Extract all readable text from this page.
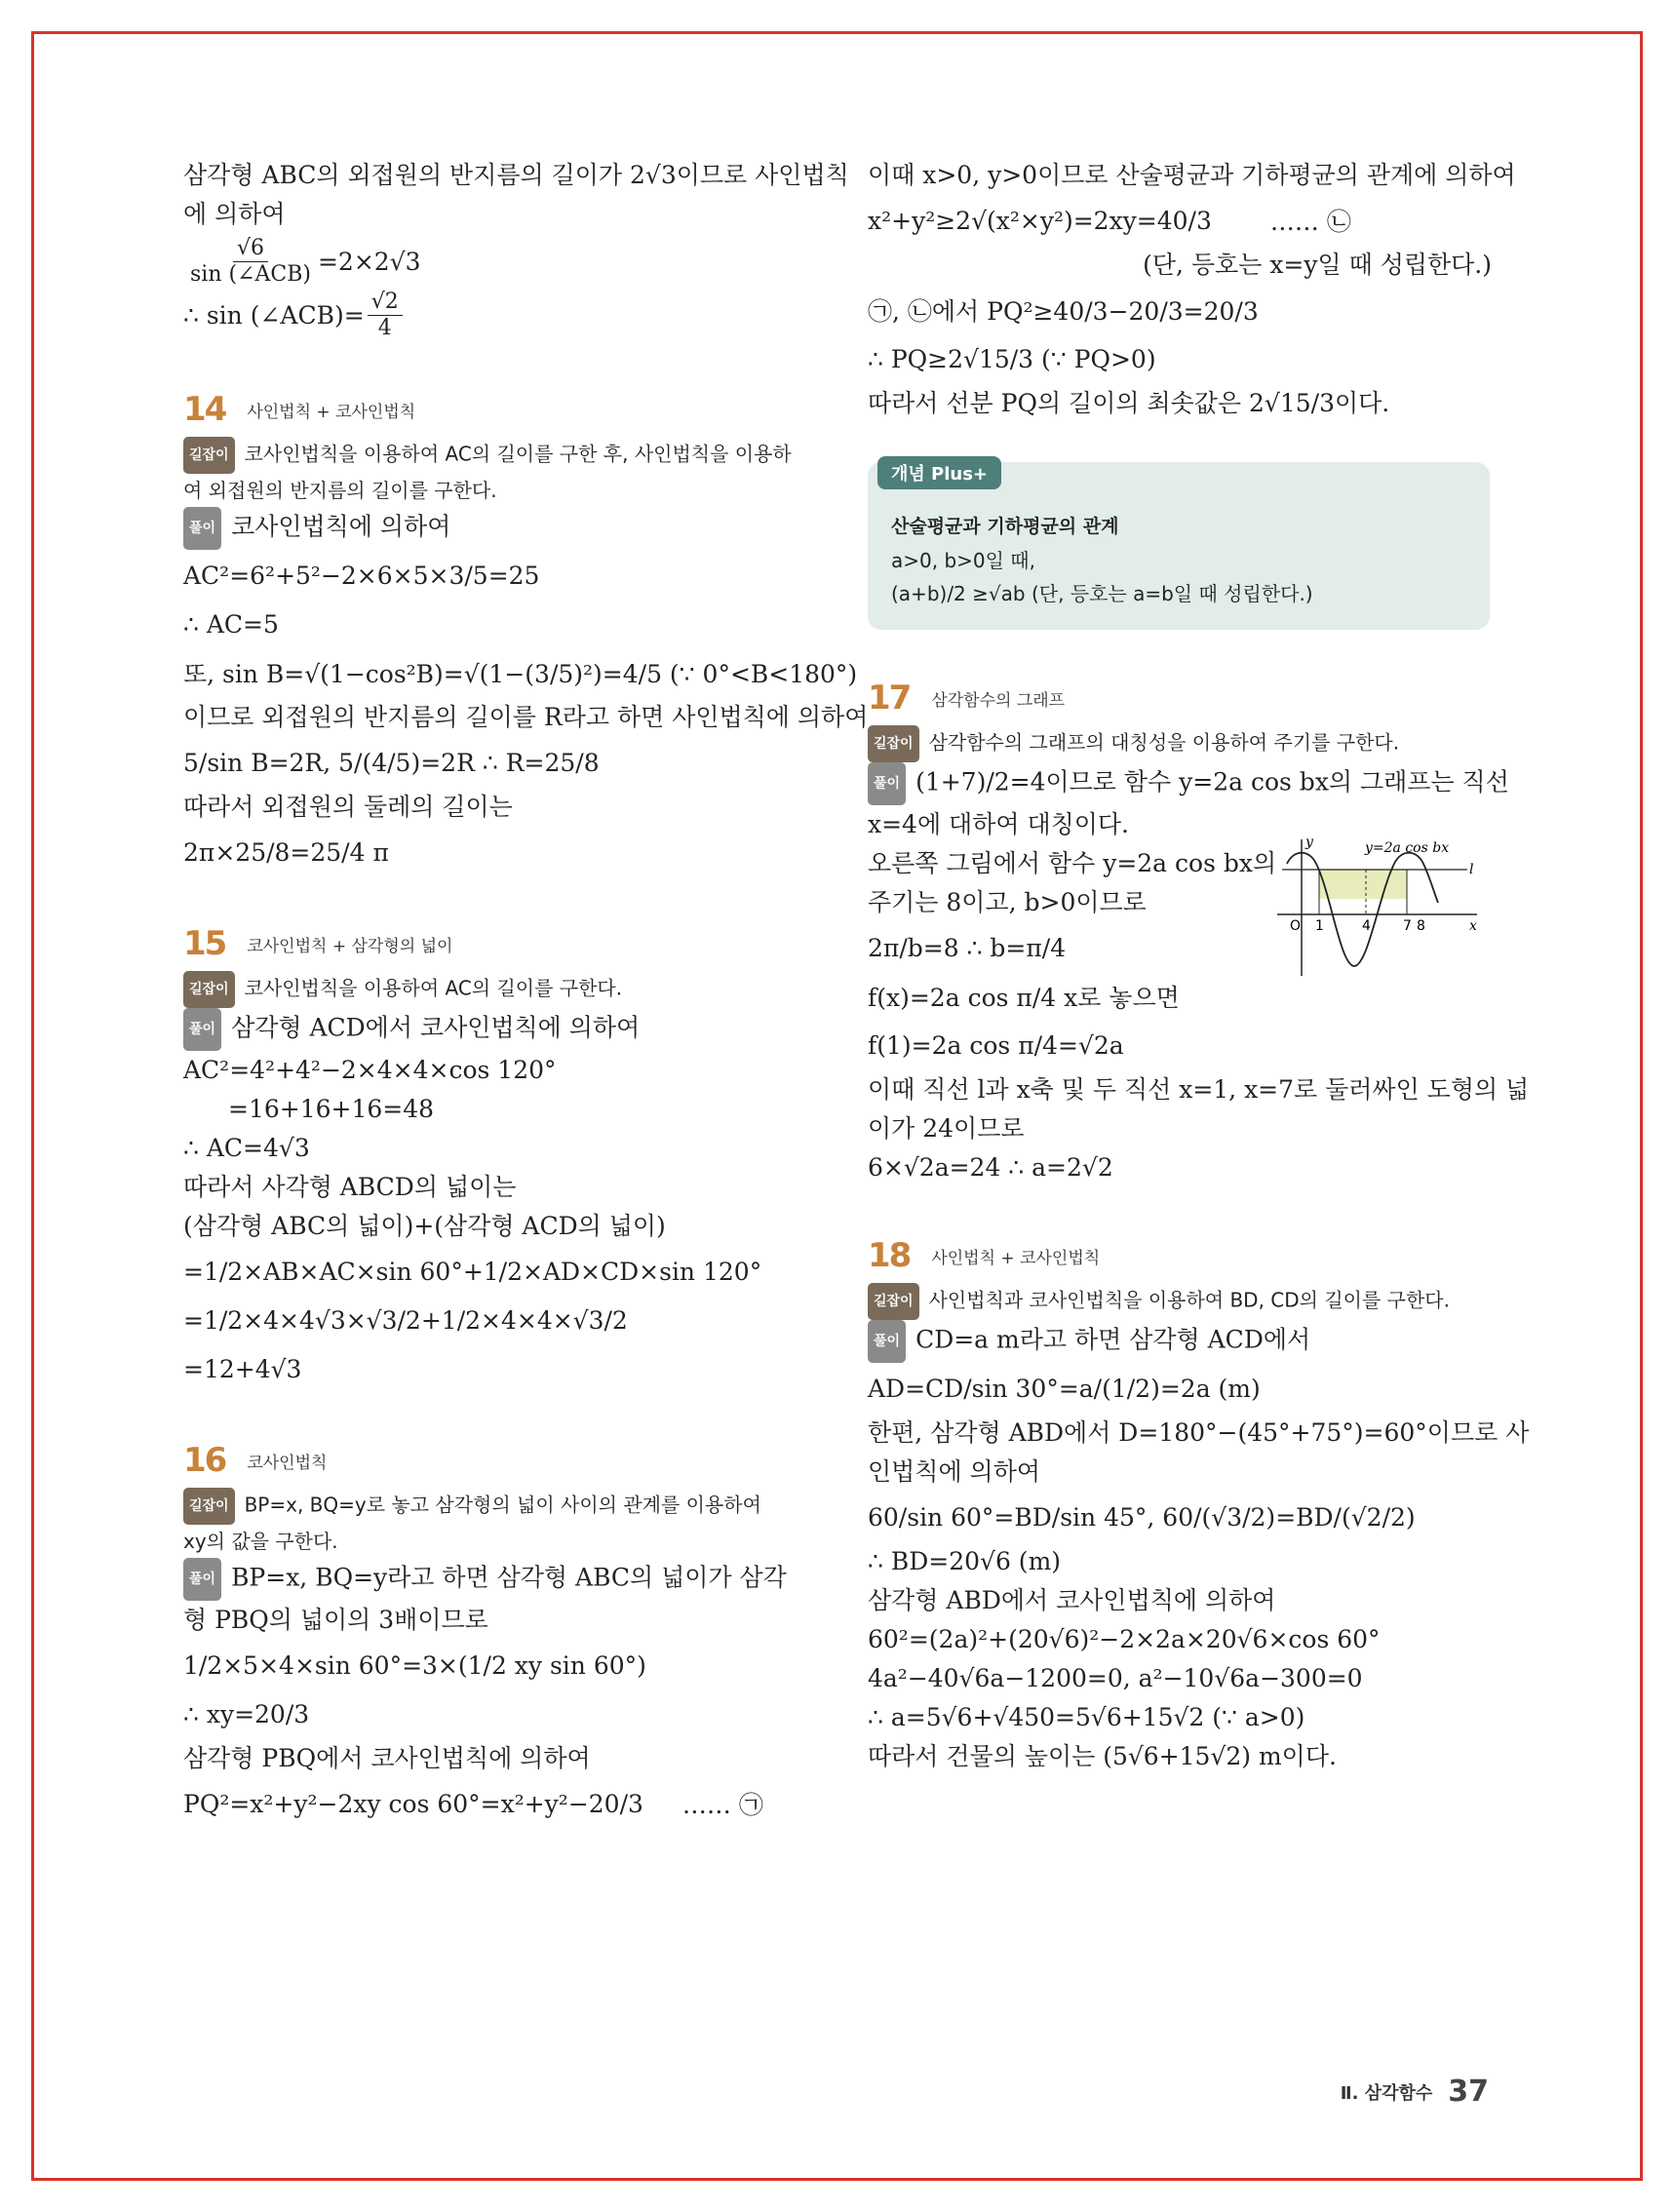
삼각형 ABC의 외접원의 반지름의 길이가 2√3이므로 사인법칙
에 의하여
$\frac{√6}{\text{sin (∠ACB)}} =2\times 2√3$
∴ sin (∠ACB)= $\frac{√2}{4}$
14 사인법칙 + 코사인법칙
길잡이 코사인법칙을 이용하여 AC의 길이를 구한 후, 사인법칙을 이용하
여 외접원의 반지름의 길이를 구한다.
풀이 코사인법칙에 의하여
AC²=6²+5²−2×6×5×3/5=25
∴ AC=5
또, sin B=√(1−cos²B)=√(1−(3/5)²)=4/5 (∵ 0°<B<180°)
이므로 외접원의 반지름의 길이를 R라고 하면 사인법칙에 의하여
5/sin B=2R, 5/(4/5)=2R ∴ R=25/8
따라서 외접원의 둘레의 길이는
2π×25/8=25/4 π
15 코사인법칙 + 삼각형의 넓이
길잡이 코사인법칙을 이용하여 AC의 길이를 구한다.
풀이 삼각형 ACD에서 코사인법칙에 의하여
AC²=4²+4²−2×4×4×cos 120°
=16+16+16=48
∴ AC=4√3
따라서 사각형 ABCD의 넓이는
(삼각형 ABC의 넓이)+(삼각형 ACD의 넓이)
=1/2×AB×AC×sin 60°+1/2×AD×CD×sin 120°
=1/2×4×4√3×√3/2+1/2×4×4×√3/2
=12+4√3
16 코사인법칙
길잡이 BP=x, BQ=y로 놓고 삼각형의 넓이 사이의 관계를 이용하여
xy의 값을 구한다.
풀이 BP=x, BQ=y라고 하면 삼각형 ABC의 넓이가 삼각
형 PBQ의 넓이의 3배이므로
1/2×5×4×sin 60°=3×(1/2 xy sin 60°)
∴ xy=20/3
삼각형 PBQ에서 코사인법칙에 의하여
PQ²=x²+y²−2xy cos 60°=x²+y²−20/3 …… ㉠
이때 x>0, y>0이므로 산술평균과 기하평균의 관계에 의하여
x²+y²≥2√(x²×y²)=2xy=40/3 …… ㉡
(단, 등호는 x=y일 때 성립한다.)
㉠, ㉡에서 PQ²≥40/3−20/3=20/3
∴ PQ≥2√15/3 (∵ PQ>0)
따라서 선분 PQ의 길이의 최솟값은 2√15/3이다.
개념 Plus+
산술평균과 기하평균의 관계
a>0, b>0일 때,
(a+b)/2 ≥√ab (단, 등호는 a=b일 때 성립한다.)
17 삼각함수의 그래프
길잡이 삼각함수의 그래프의 대칭성을 이용하여 주기를 구한다.
풀이 (1+7)/2=4이므로 함수 y=2a cos bx의 그래프는 직선
x=4에 대하여 대칭이다.
y
x
y=2a cos bx
l
O 1	4 7 8
오른쪽 그림에서 함수 y=2a cos bx의
주기는 8이고, b>0이므로
2π/b=8 ∴ b=π/4
f(x)=2a cos π/4 x로 놓으면
f(1)=2a cos π/4=√2a
이때 직선 l과 x축 및 두 직선 x=1, x=7로 둘러싸인 도형의 넓
이가 24이므로
6×√2a=24 ∴ a=2√2
18 사인법칙 + 코사인법칙
길잡이 사인법칙과 코사인법칙을 이용하여 BD, CD의 길이를 구한다.
풀이 CD=a m라고 하면 삼각형 ACD에서
AD=CD/sin 30°=a/(1/2)=2a (m)
한편, 삼각형 ABD에서 D=180°−(45°+75°)=60°이므로 사
인법칙에 의하여
60/sin 60°=BD/sin 45°, 60/(√3/2)=BD/(√2/2)
∴ BD=20√6 (m)
삼각형 ABD에서 코사인법칙에 의하여
60²=(2a)²+(20√6)²−2×2a×20√6×cos 60°
4a²−40√6a−1200=0, a²−10√6a−300=0
∴ a=5√6+√450=5√6+15√2 (∵ a>0)
따라서 건물의 높이는 (5√6+15√2) m이다.
Ⅱ. 삼각함수 37
